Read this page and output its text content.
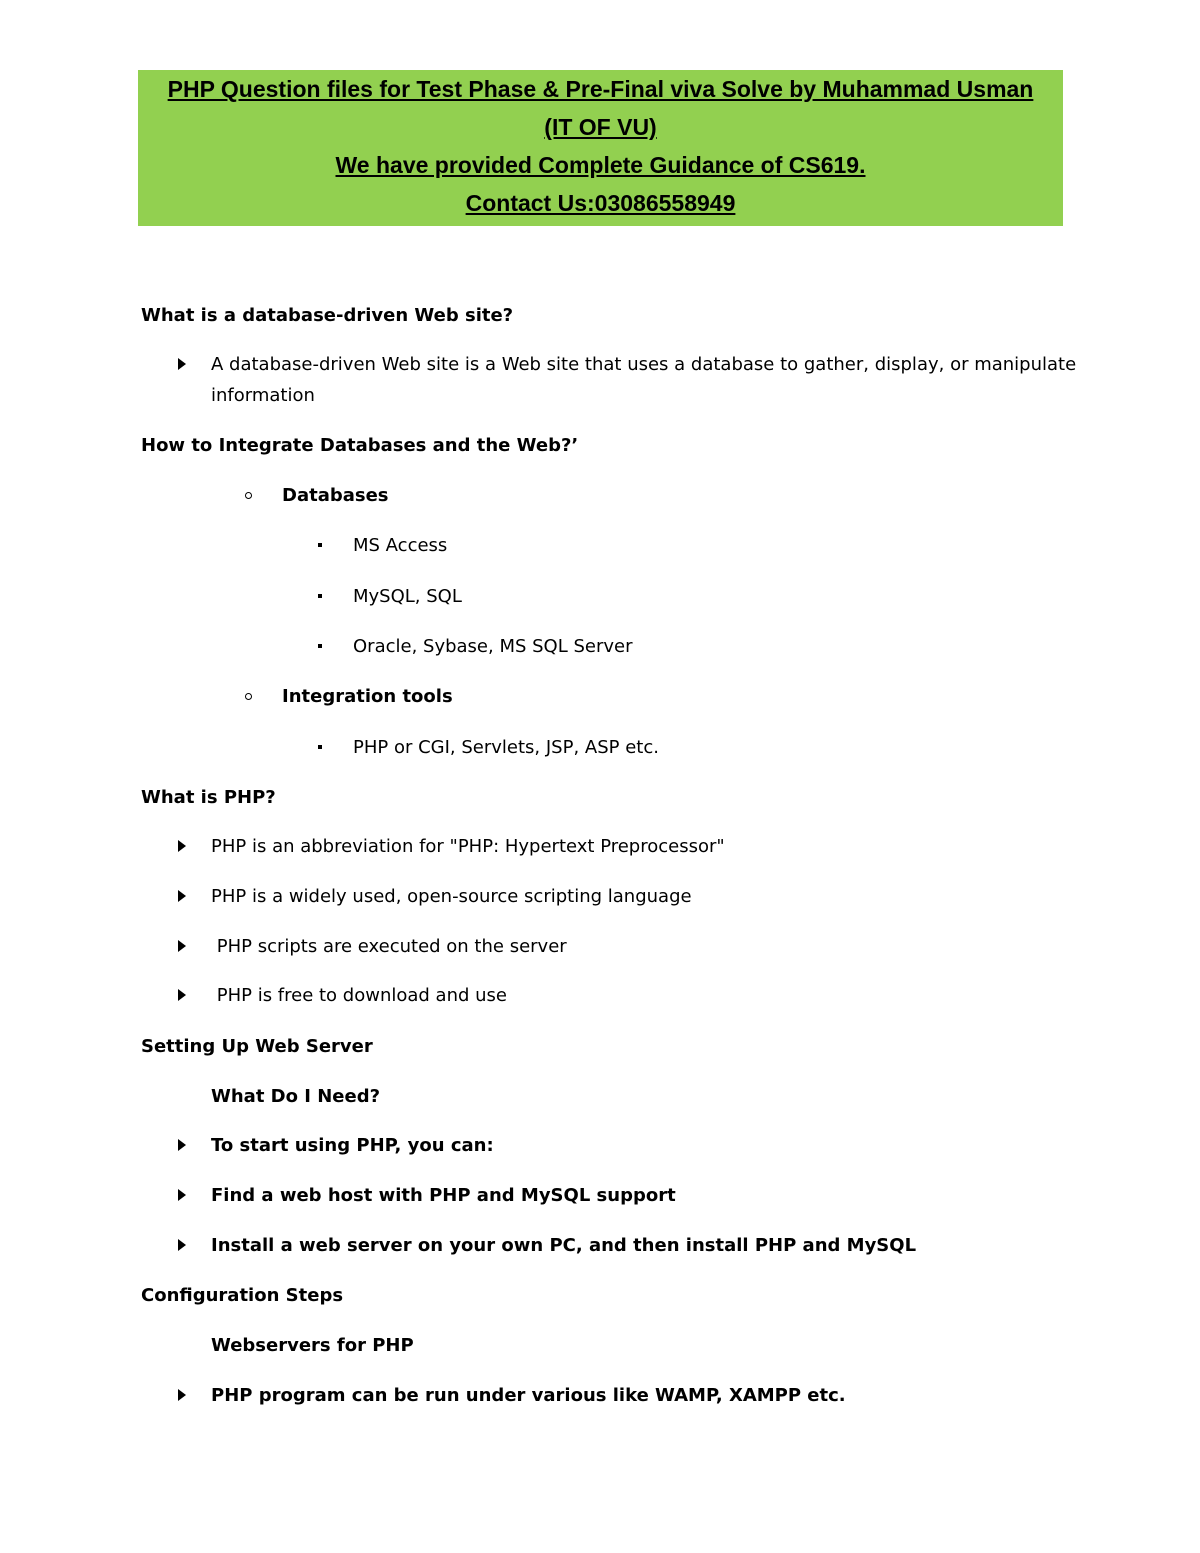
PHP Question files for Test Phase & Pre-Final viva Solve by Muhammad Usman
(IT OF VU)
We have provided Complete Guidance of CS619.
Contact Us:03086558949
What is a database-driven Web site?
A database-driven Web site is a Web site that uses a database to gather, display, or manipulate
information
How to Integrate Databases and the Web?’
Databases
MS Access
MySQL, SQL
Oracle, Sybase, MS SQL Server
Integration tools
PHP or CGI, Servlets, JSP, ASP etc.
What is PHP?
PHP is an abbreviation for "PHP: Hypertext Preprocessor"
PHP is a widely used, open-source scripting language
PHP scripts are executed on the server
PHP is free to download and use
Setting Up Web Server
What Do I Need?
To start using PHP, you can:
Find a web host with PHP and MySQL support
Install a web server on your own PC, and then install PHP and MySQL
Configuration Steps
Webservers for PHP
PHP program can be run under various like WAMP, XAMPP etc.
